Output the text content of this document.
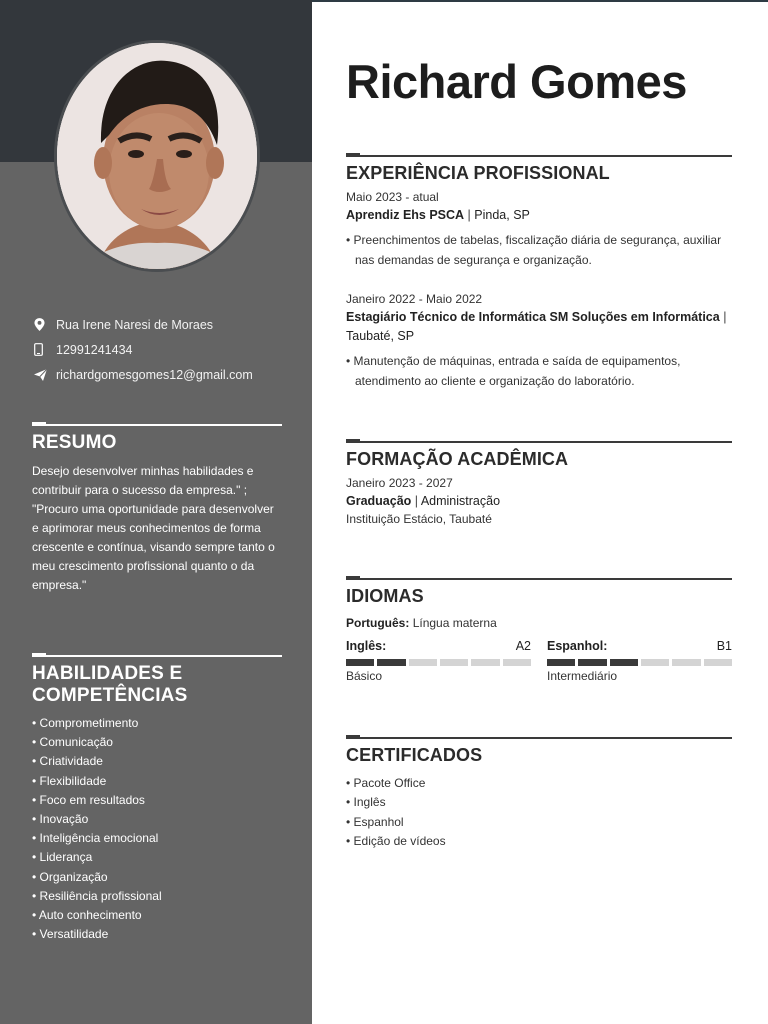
Rua Irene Naresi de Moraes
12991241434
richardgomesgomes12@gmail.com
RESUMO

Desejo desenvolver minhas habilidades e contribuir para o sucesso da empresa." ; "Procuro uma oportunidade para desenvolver e aprimorar meus conhecimentos de forma crescente e contínua, visando sempre tanto o meu crescimento profissional quanto o da empresa."

HABILIDADES E COMPETÊNCIAS
• Comprometimento
• Comunicação
• Criatividade
• Flexibilidade
• Foco em resultados
• Inovação
• Inteligência emocional
• Liderança
• Organização
• Resiliência profissional
• Auto conhecimento
• Versatilidade
Richard Gomes
EXPERIÊNCIA PROFISSIONAL
Maio 2023 - atual
Aprendiz Ehs PSCA | Pinda, SP
• Preenchimentos de tabelas, fiscalização diária de segurança, auxiliar nas demandas de segurança e organização.
Janeiro 2022 - Maio 2022
Estagiário Técnico de Informática SM Soluções em Informática | Taubaté, SP
• Manutenção de máquinas, entrada e saída de equipamentos, atendimento ao cliente e organização do laboratório.
FORMAÇÃO ACADÊMICA
Janeiro 2023 - 2027
Graduação | Administração
Instituição Estácio, Taubaté
IDIOMAS
Português: Língua materna
Inglês:	A2
Básico
Espanhol:	B1
Intermediário
CERTIFICADOS
• Pacote Office
• Inglês
• Espanhol
• Edição de vídeos
